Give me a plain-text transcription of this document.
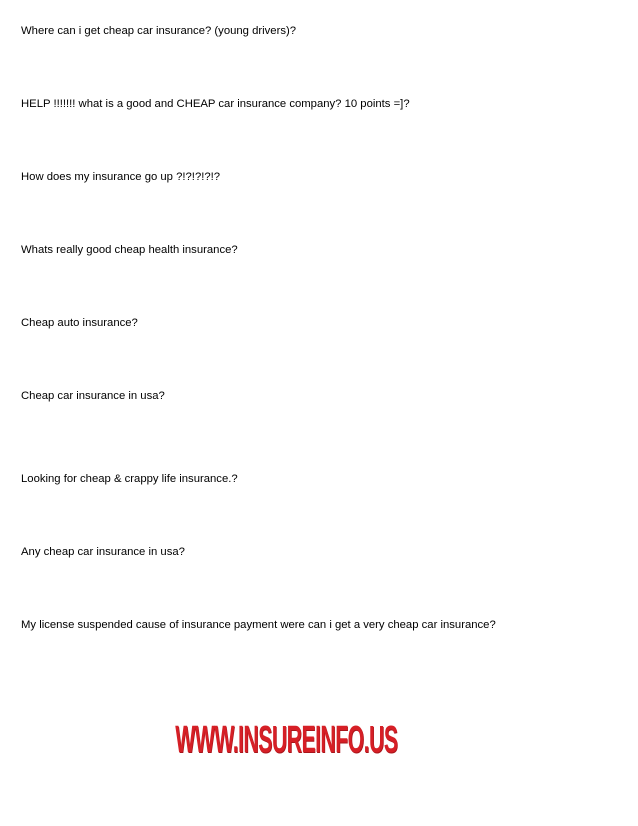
Where can i get cheap car insurance? (young drivers)?
HELP !!!!!!! what is a good and CHEAP car insurance company? 10 points =]?
How does my insurance go up ?!?!?!?!?
Whats really good cheap health insurance?
Cheap auto insurance?
Cheap car insurance in usa?
Looking for cheap & crappy life insurance.?
Any cheap car insurance in usa?
My license suspended cause of insurance payment were can i get a very cheap car insurance?
WWW.INSUREINFO.US
